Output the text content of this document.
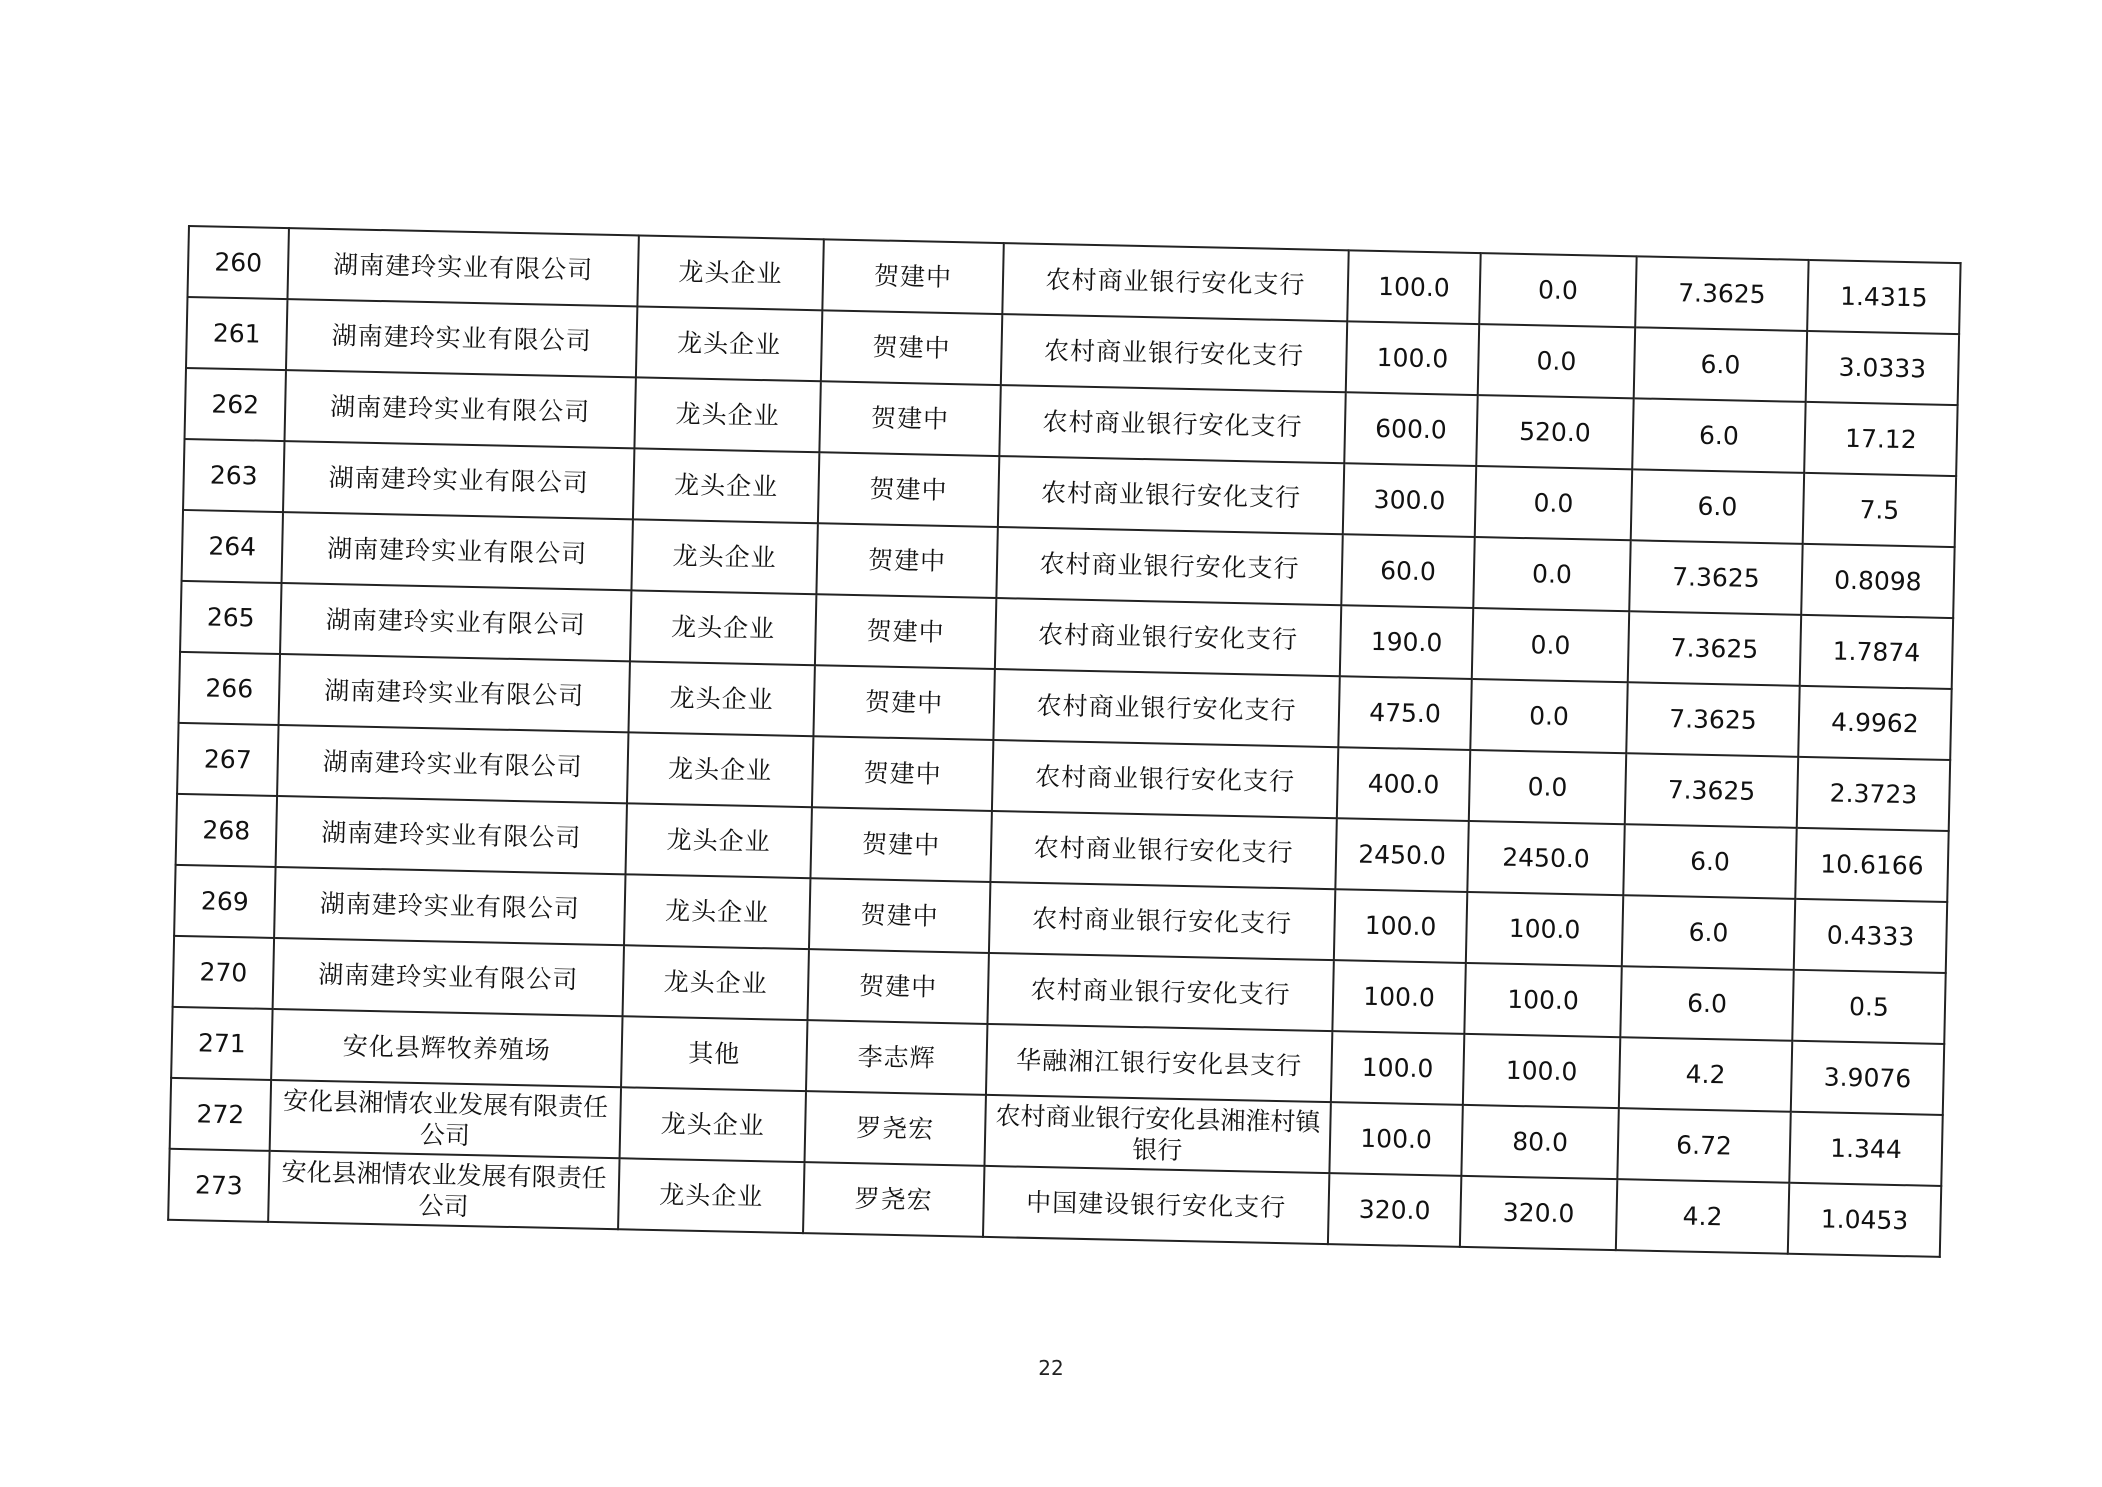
260	湖南建玲实业有限公司	龙头企业	贺建中	农村商业银行安化支行	100.0	0.0	7.3625	1.4315
261	湖南建玲实业有限公司	龙头企业	贺建中	农村商业银行安化支行	100.0	0.0	6.0	3.0333
262	湖南建玲实业有限公司	龙头企业	贺建中	农村商业银行安化支行	600.0	520.0	6.0	17.12
263	湖南建玲实业有限公司	龙头企业	贺建中	农村商业银行安化支行	300.0	0.0	6.0	7.5
264	湖南建玲实业有限公司	龙头企业	贺建中	农村商业银行安化支行	60.0	0.0	7.3625	0.8098
265	湖南建玲实业有限公司	龙头企业	贺建中	农村商业银行安化支行	190.0	0.0	7.3625	1.7874
266	湖南建玲实业有限公司	龙头企业	贺建中	农村商业银行安化支行	475.0	0.0	7.3625	4.9962
267	湖南建玲实业有限公司	龙头企业	贺建中	农村商业银行安化支行	400.0	0.0	7.3625	2.3723
268	湖南建玲实业有限公司	龙头企业	贺建中	农村商业银行安化支行	2450.0	2450.0	6.0	10.6166
269	湖南建玲实业有限公司	龙头企业	贺建中	农村商业银行安化支行	100.0	100.0	6.0	0.4333
270	湖南建玲实业有限公司	龙头企业	贺建中	农村商业银行安化支行	100.0	100.0	6.0	0.5
271	安化县辉牧养殖场	其他	李志辉	华融湘江银行安化县支行	100.0	100.0	4.2	3.9076
272	安化县湘情农业发展有限责任公司	龙头企业	罗尧宏	农村商业银行安化县湘淮村镇银行	100.0	80.0	6.72	1.344
273	安化县湘情农业发展有限责任公司	龙头企业	罗尧宏	中国建设银行安化支行	320.0	320.0	4.2	1.0453
22
